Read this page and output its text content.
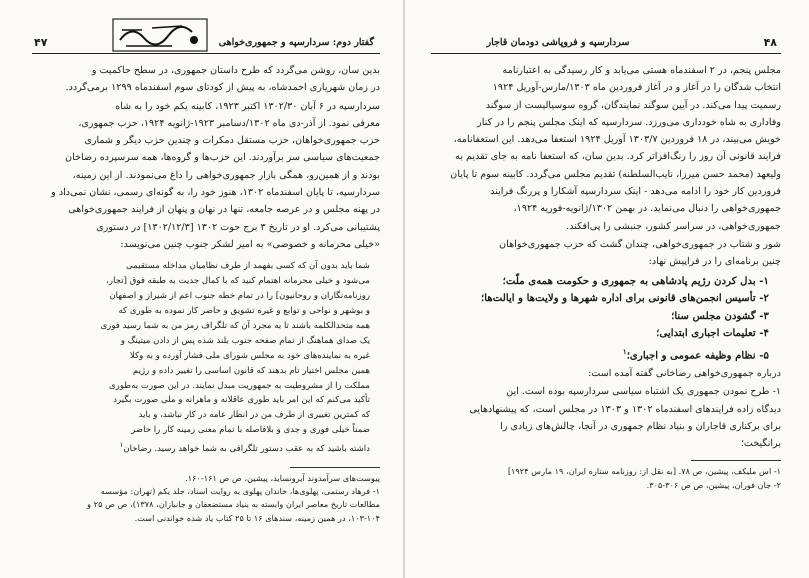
۴۷	گفتار دوم: سردارسپه و جمهوری‌خواهی
بدین سان، روشن می‌گردد که طرح داستان جمهوری، در سطح حاکمیت و
در زمان شهریاری احمدشاه، به پیش از کودتای سوم اسفندماه ۱۲۹۹ برمی‌گردد.
سردارسپه در ۶ آبان ۱۳۰۲/۳۰ اکتبر ۱۹۲۳، کابینه یکم خود را به شاه
معرفی نمود. از آذر-دی ماه ۱۳۰۲/دسامبر ۱۹۲۳-ژانویه ۱۹۲۴، حزب جمهوری،
حزب جمهوری‌خواهان، حزب مستقل دمکرات و چندین حزب دیگر و شماری
جمعیت‌های سیاسی سر برآوردند. این حزب‌ها و گروه‌ها، همه سرسپرده رضاخان
بودند و از همین‌رو، همگی بازار جمهوری‌خواهی را داغ می‌نمودند. از این زمینه،
سردارسپه، تا پایان اسفندماه ۱۳۰۲، هنوز خود را، به گونه‌ای رسمی، نشان نمی‌داد و
در پهنه مجلس و در عرصه جامعه، تنها در نهان و پنهان از فرایند جمهوری‌خواهی
پشتیبانی می‌کرد. او در تاریخ ۳ برج حوت ۱۳۰۲ [۱۳۰۲/۱۲/۳] در دستوری
«خیلی محرمانه و خصوصی» به امیر لشکر جنوب چنین می‌نویسد:
شما باید بدون آن که کسی بفهمد از طرف نظامیان مداخله مستقیمی
می‌شود و خیلی محرمانه اهتمام کنید که با کمال جدیت به طبقه فوق [تجار،
روزنامه‌نگاران و روحانیون] را در تمام خطه جنوب اعم از شیراز و اصفهان
و بوشهر و نواحی و توابع و غیره تشویق و حاضر کار نموده به طوری که
همه متحدالکلمه باشند تا به مجرد آن که تلگراف رمز من به شما رسید فوری
یک صدای هماهنگ از تمام صفحه جنوب بلند شده پس از دادن میتینگ و
غیره به نماینده‌های خود به مجلس شورای ملی فشار آورده و به وکلا
همین مجلس اختیار تام بدهند که قانون اساسی را تغییر داده و رژیم
مملکت را از مشروطیت به جمهوریت مبدل نمایند. در این صورت به‌طوری
تأکید می‌کنم که این امر باید طوری عاقلانه و ماهرانه و ملی صورت بگیرد
که کمترین تغییری از طرف من در انظار عامه در کار نباشد، و باید
ضمناً خیلی فوری و جدی و بلافاصله با تمام معنی زمینه کار را حاضر
داشته باشید که به عقب دستور تلگرافی به شما خواهد رسید. رضاخان$^۱$
پیوست‌های سرآمدوند آیرونساید، پیشین، ص ص ۱۶۱-۱۶۰.
۱- فرهاد رستمی، پهلوی‌ها، خاندان پهلوی به روایت اسناد، جلد یکم (تهران: مؤسسه
مطالعات تاریخ معاصر ایران وابسته به بنیاد مستضعفان و جانبازان، ۱۳۷۸)، ص ص ۲۵ و
۱۰۳-۱۰۴، در همین زمینه، سندهای ۱۶ تا ۲۵ کتاب یاد شده خواندنی است.
۴۸
سردارسپه و فروپاشی دودمان قاجار
مجلس پنجم، در ۲ اسفندماه هستی می‌یابد و کار رسیدگی به اعتبارنامه
انتخاب شدگان را در آغاز و در آغاز فروردین ماه ۱۳۰۳/مارس-آوریل ۱۹۲۴
رسمیت پیدا می‌کند. در آیین سوگند نمایندگان، گروه سوسیالیست از سوگند
وفاداری به شاه خودداری می‌ورزد. سردارسپه که اینک مجلس پنجم را در کنار
خویش می‌بیند، در ۱۸ فروردین ۱۳۰۳/۷ آوریل ۱۹۲۴ استعفا می‌دهد. این استعفانامه،
فرایند قانونی آن روز را رنگ‌افزاتر کرد. بدین سان، که استعفا نامه به جای تقدیم به
ولیعهد (محمد حسن میرزا، نایب‌السلطنه) تقدیم مجلس می‌گردد. کابینه سوم تا پایان
فروردین کار خود را ادامه می‌دهد - اینک سردارسپه آشکارا و پررنگ فرایند
جمهوری‌خواهی را دنبال می‌نماید. در بهمن ۱۳۰۲/ژانویه-فوریه ۱۹۲۴،
جمهوری‌خواهی، در سراسر کشور، جنبشی را پی‌افکند.
شور و شتاب در جمهوری‌خواهی، چندان گشت که حزب جمهوری‌خواهان
چنین برنامه‌ای را در فراپیش نهاد:
۱- بدل کردن رژیم پادشاهی به جمهوری و حکومت همه‌ی ملّت؛
۲- تأسیس انجمن‌های قانونی برای اداره شهرها و ولایت‌ها و ایالت‌ها؛
۳- گشودن مجلس سنا؛
۴- تعلیمات اجباری ابتدایی؛
۵- نظام وظیفه عمومی و اجباری؛$^۱$
درباره جمهوری‌خواهی رضاخانی گفته آمده است:
۱- طرح نمودن جمهوری یک اشتباه سیاسی سردارسپه بوده است. این
دیدگاه زاده فرایندهای اسفندماه ۱۳۰۲ و ۱۳۰۳ در مجلس است، که پیشنهادهایی
برای برکناری قاجاران و بنیاد نظام جمهوری در آنجا، چالش‌های زیادی را
برانگیخت؛
۱- اس ملیکف، پیشین، ص ۷۸. [به نقل از: روزنامه ستاره ایران، ۱۹ مارس ۱۹۲۴]
۲- جان فوران، پیشین، ص ص ۳۰۶-۳۰۵.
